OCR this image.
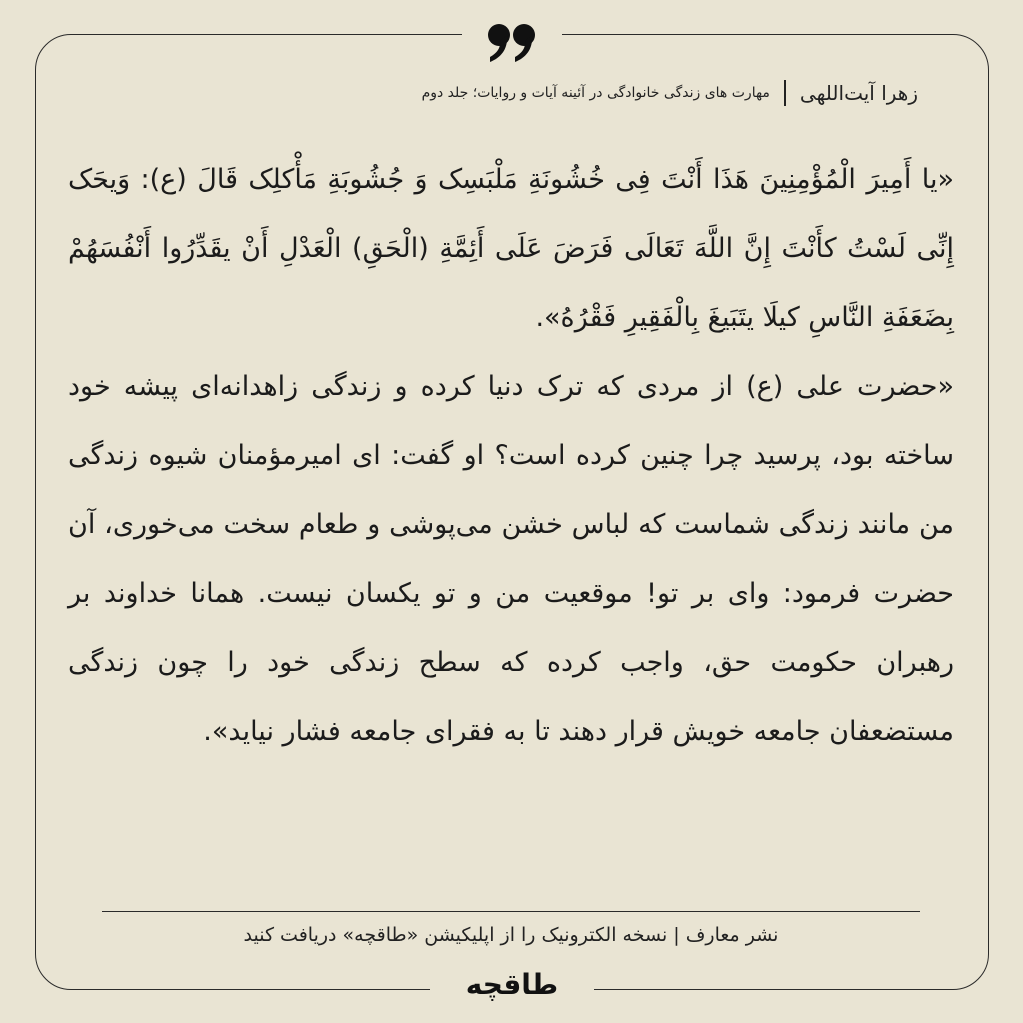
زهرا آیت‌اللهی
مهارت های زندگی خانوادگی در آئینه آیات و روایات؛ جلد دوم

«یا أَمِیرَ الْمُؤْمِنِینَ هَذَا أَنْتَ فِی خُشُونَةِ مَلْبَسِک وَ جُشُوبَةِ مَأْکلِک قَالَ (ع): وَیحَک إِنِّی لَسْتُ کأَنْتَ إِنَّ اللَّهَ تَعَالَی فَرَضَ عَلَی أَئِمَّةِ (الْحَقِ) الْعَدْلِ أَنْ یقَدِّرُوا أَنْفُسَهُمْ بِضَعَفَةِ النَّاسِ کیلَا یتَبَیغَ بِالْفَقِیرِ فَقْرُهُ».

«حضرت علی (ع) از مردی که ترک دنیا کرده و زندگی زاهدانه‌ای پیشه خود ساخته بود، پرسید چرا چنین کرده است؟ او گفت: ای امیرمؤمنان شیوه زندگی من مانند زندگی شماست که لباس خشن می‌پوشی و طعام سخت می‌خوری، آن حضرت فرمود: وای بر تو! موقعیت من و تو یکسان نیست. همانا خداوند بر رهبران حکومت حق، واجب کرده که سطح زندگی خود را چون زندگی مستضعفان جامعه خویش قرار دهند تا به فقرای جامعه فشار نیاید».

نشر معارف | نسخه الکترونیک را از اپلیکیشن «طاقچه» دریافت کنید
طاقچه
